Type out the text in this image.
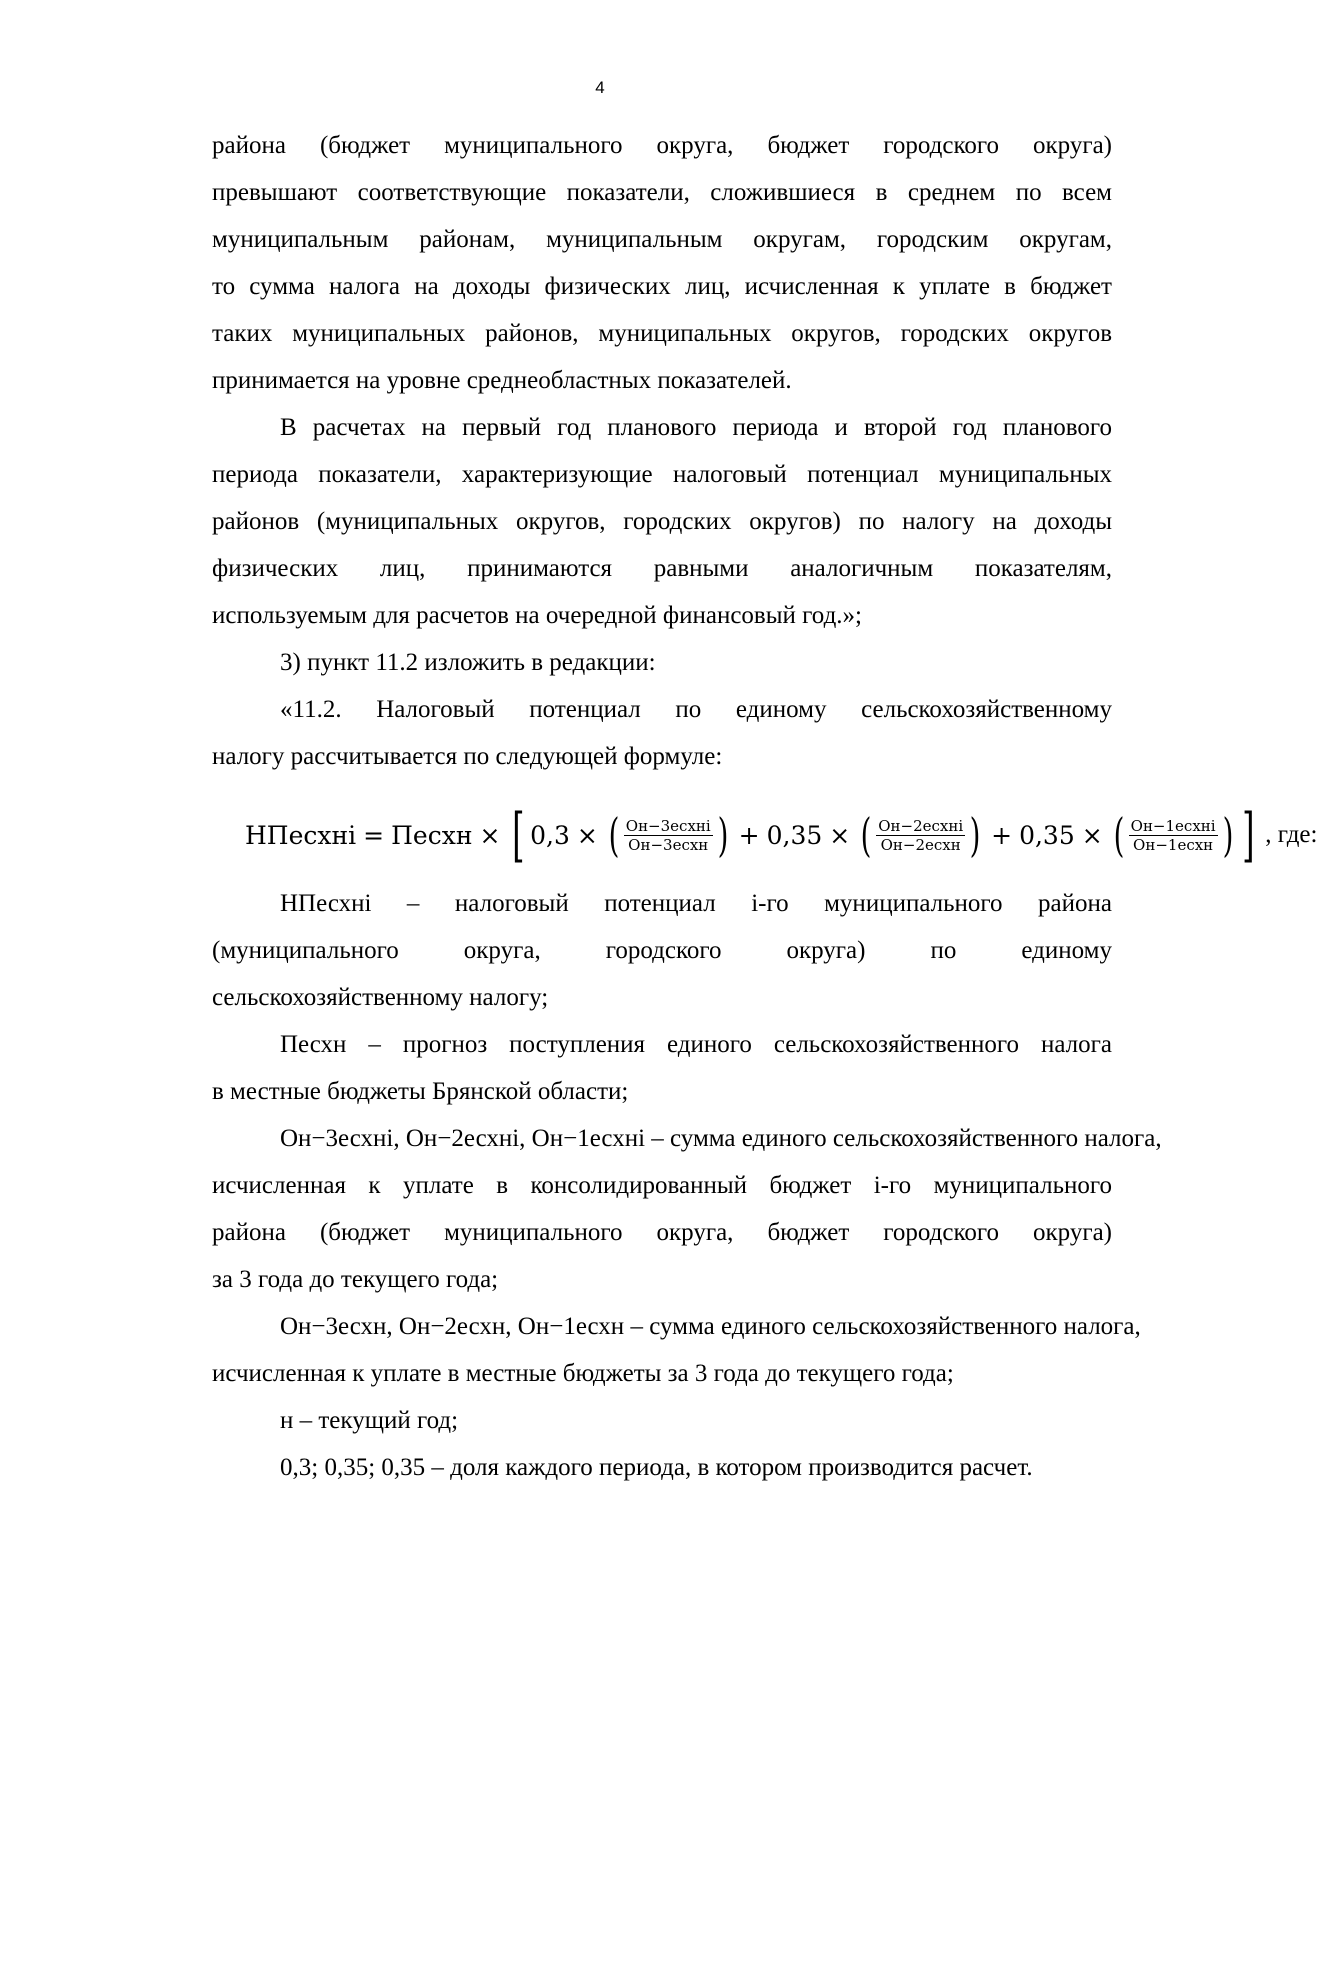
4
района (бюджет муниципального округа, бюджет городского округа)
превышают соответствующие показатели, сложившиеся в среднем по всем
муниципальным районам, муниципальным округам, городским округам,
то сумма налога на доходы физических лиц, исчисленная к уплате в бюджет
таких муниципальных районов, муниципальных округов, городских округов
принимается на уровне среднеобластных показателей.
В расчетах на первый год планового периода и второй год планового
периода показатели, характеризующие налоговый потенциал муниципальных
районов (муниципальных округов, городских округов) по налогу на доходы
физических лиц, принимаются равными аналогичным показателям,
используемым для расчетов на очередной финансовый год.»;
3) пункт 11.2 изложить в редакции:
«11.2. Налоговый потенциал по единому сельскохозяйственному
налогу рассчитывается по следующей формуле:
НПесхнi = Песхн × [ 0,3 × ( $\frac{\text{Oн−3есхнi}}{\text{Oн−3есхн}}$ ) + 0,35 × ( $\frac{\text{Oн−2есхнi}}{\text{Oн−2есхн}}$ ) + 0,35 × ( $\frac{\text{Oн−1есхнi}}{\text{Oн−1есхн}}$ ) ] , где:
НПесхнi – налоговый потенциал i-го муниципального района
(муниципального округа, городского округа) по единому
сельскохозяйственному налогу;
Песхн – прогноз поступления единого сельскохозяйственного налога
в местные бюджеты Брянской области;
Oн−3есхнi, Oн−2есхнi, Oн−1есхнi – сумма единого сельскохозяйственного налога,
исчисленная к уплате в консолидированный бюджет i-го муниципального
района (бюджет муниципального округа, бюджет городского округа)
за 3 года до текущего года;
Oн−3есхн, Oн−2есхн, Oн−1есхн – сумма единого сельскохозяйственного налога,
исчисленная к уплате в местные бюджеты за 3 года до текущего года;
н – текущий год;
0,3; 0,35; 0,35 – доля каждого периода, в котором производится расчет.
